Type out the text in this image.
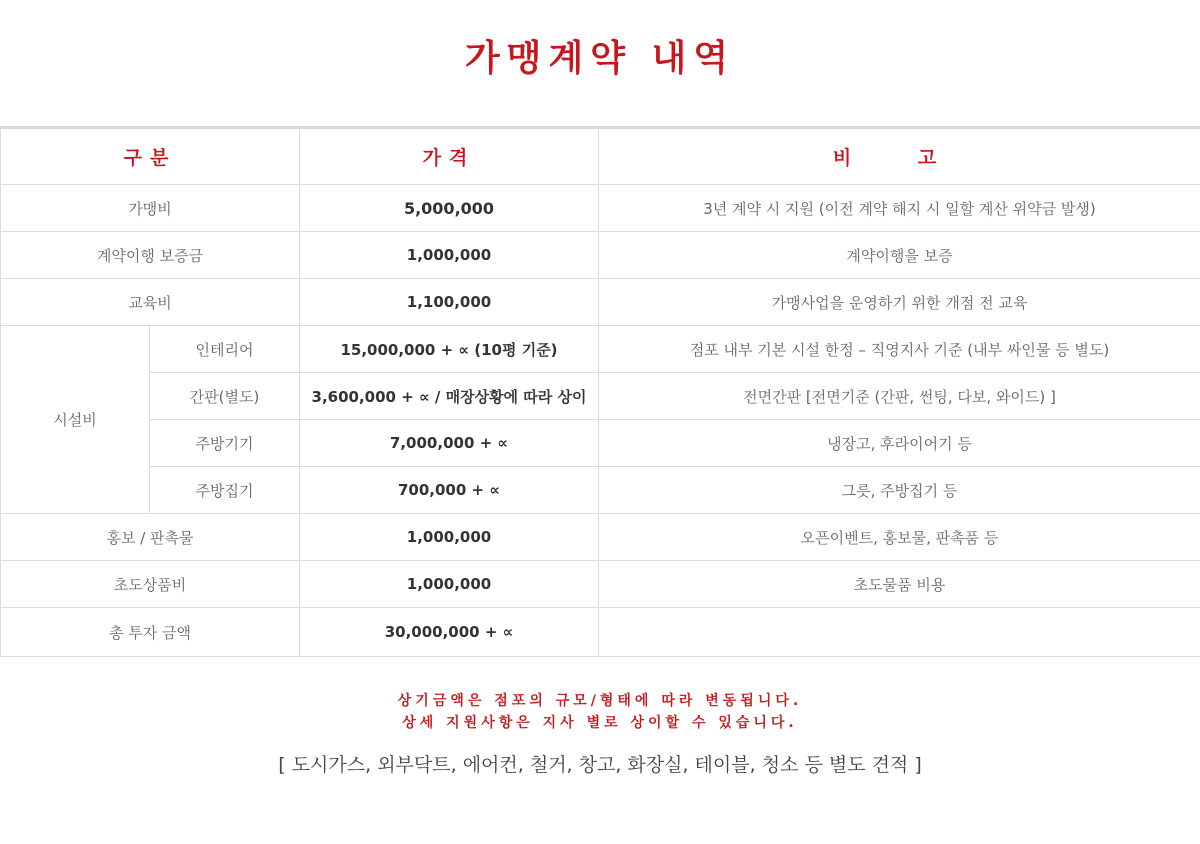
가맹계약 내역
구분		가격	비 고
가맹비		5,000,000	3년 계약 시 지원 (이전 계약 해지 시 일할 계산 위약금 발생)
계약이행 보증금		1,000,000	계약이행을 보증
교육비		1,100,000	가맹사업을 운영하기 위한 개점 전 교육
시설비	인테리어	15,000,000 + ∝ (10평 기준)	점포 내부 기본 시설 한정 – 직영지사 기준 (내부 싸인물 등 별도)
	간판(별도)	3,600,000 + ∝ / 매장상황에 따라 상이	전면간판 [전면기준 (간판, 썬팅, 다보, 와이드) ]
	주방기기	7,000,000 + ∝	냉장고, 후라이어기 등
	주방집기	700,000 + ∝	그릇, 주방집기 등
홍보 / 판촉물		1,000,000	오픈이벤트, 홍보물, 판촉품 등
초도상품비		1,000,000	초도물품 비용
총 투자 금액		30,000,000 + ∝	
상기금액은 점포의 규모/형태에 따라 변동됩니다.
상세 지원사항은 지사 별로 상이할 수 있습니다.
[ 도시가스, 외부닥트, 에어컨, 철거, 창고, 화장실, 테이블, 청소 등 별도 견적 ]
